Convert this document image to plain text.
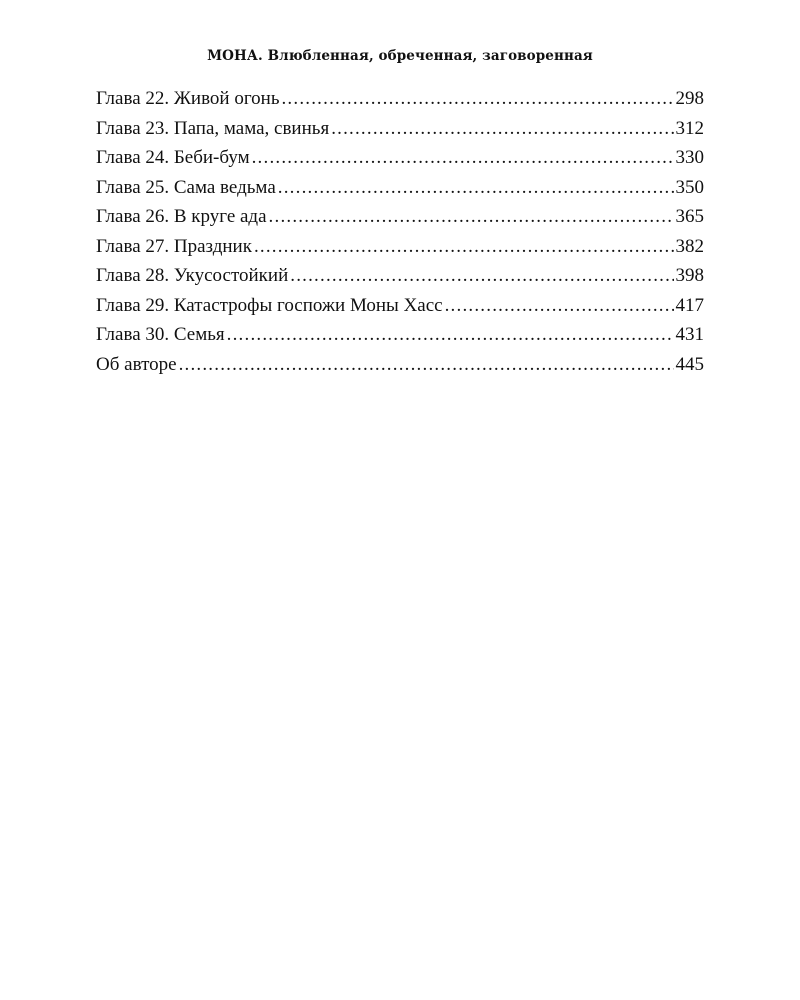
МОНА. Влюбленная, обреченная, заговоренная
Глава 22. Живой огонь .....	298
Глава 23. Папа, мама, свинья .....	312
Глава 24. Беби-бум .....	330
Глава 25. Сама ведьма .....	350
Глава 26. В круге ада .....	365
Глава 27. Праздник .....	382
Глава 28. Укусостойкий .....	398
Глава 29. Катастрофы госпожи Моны Хасс .....	417
Глава 30. Семья .....	431
Об авторе .....	445
